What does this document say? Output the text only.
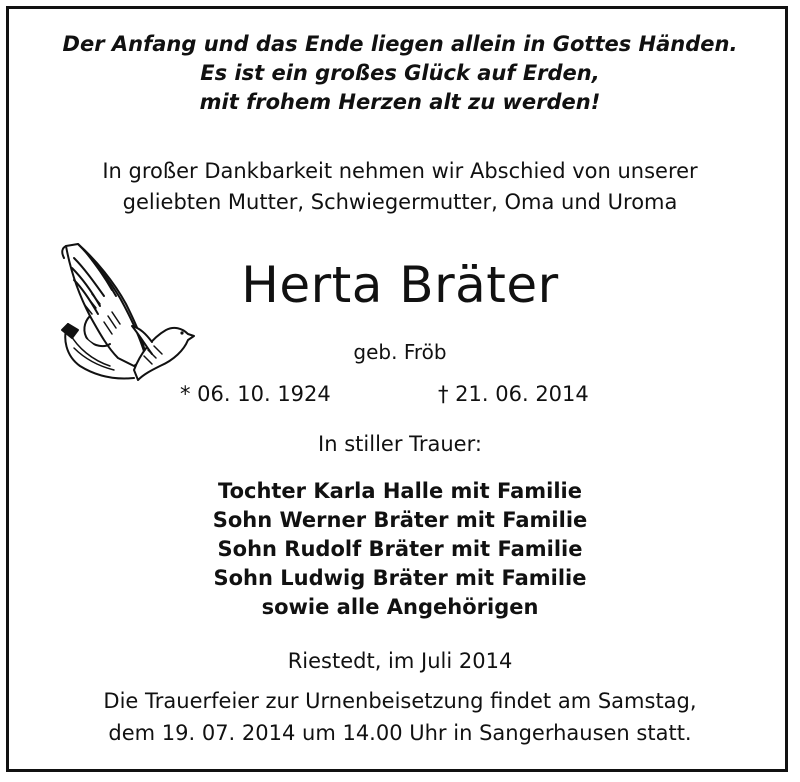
Der Anfang und das Ende liegen allein in Gottes Händen.
Es ist ein großes Glück auf Erden,
mit frohem Herzen alt zu werden!
In großer Dankbarkeit nehmen wir Abschied von unserer
geliebten Mutter, Schwiegermutter, Oma und Uroma
Herta Bräter
geb. Fröb
* 06. 10. 1924	† 21. 06. 2014
In stiller Trauer:
Tochter Karla Halle mit Familie
Sohn Werner Bräter mit Familie
Sohn Rudolf Bräter mit Familie
Sohn Ludwig Bräter mit Familie
sowie alle Angehörigen
Riestedt, im Juli 2014
Die Trauerfeier zur Urnenbeisetzung findet am Samstag,
dem 19. 07. 2014 um 14.00 Uhr in Sangerhausen statt.
